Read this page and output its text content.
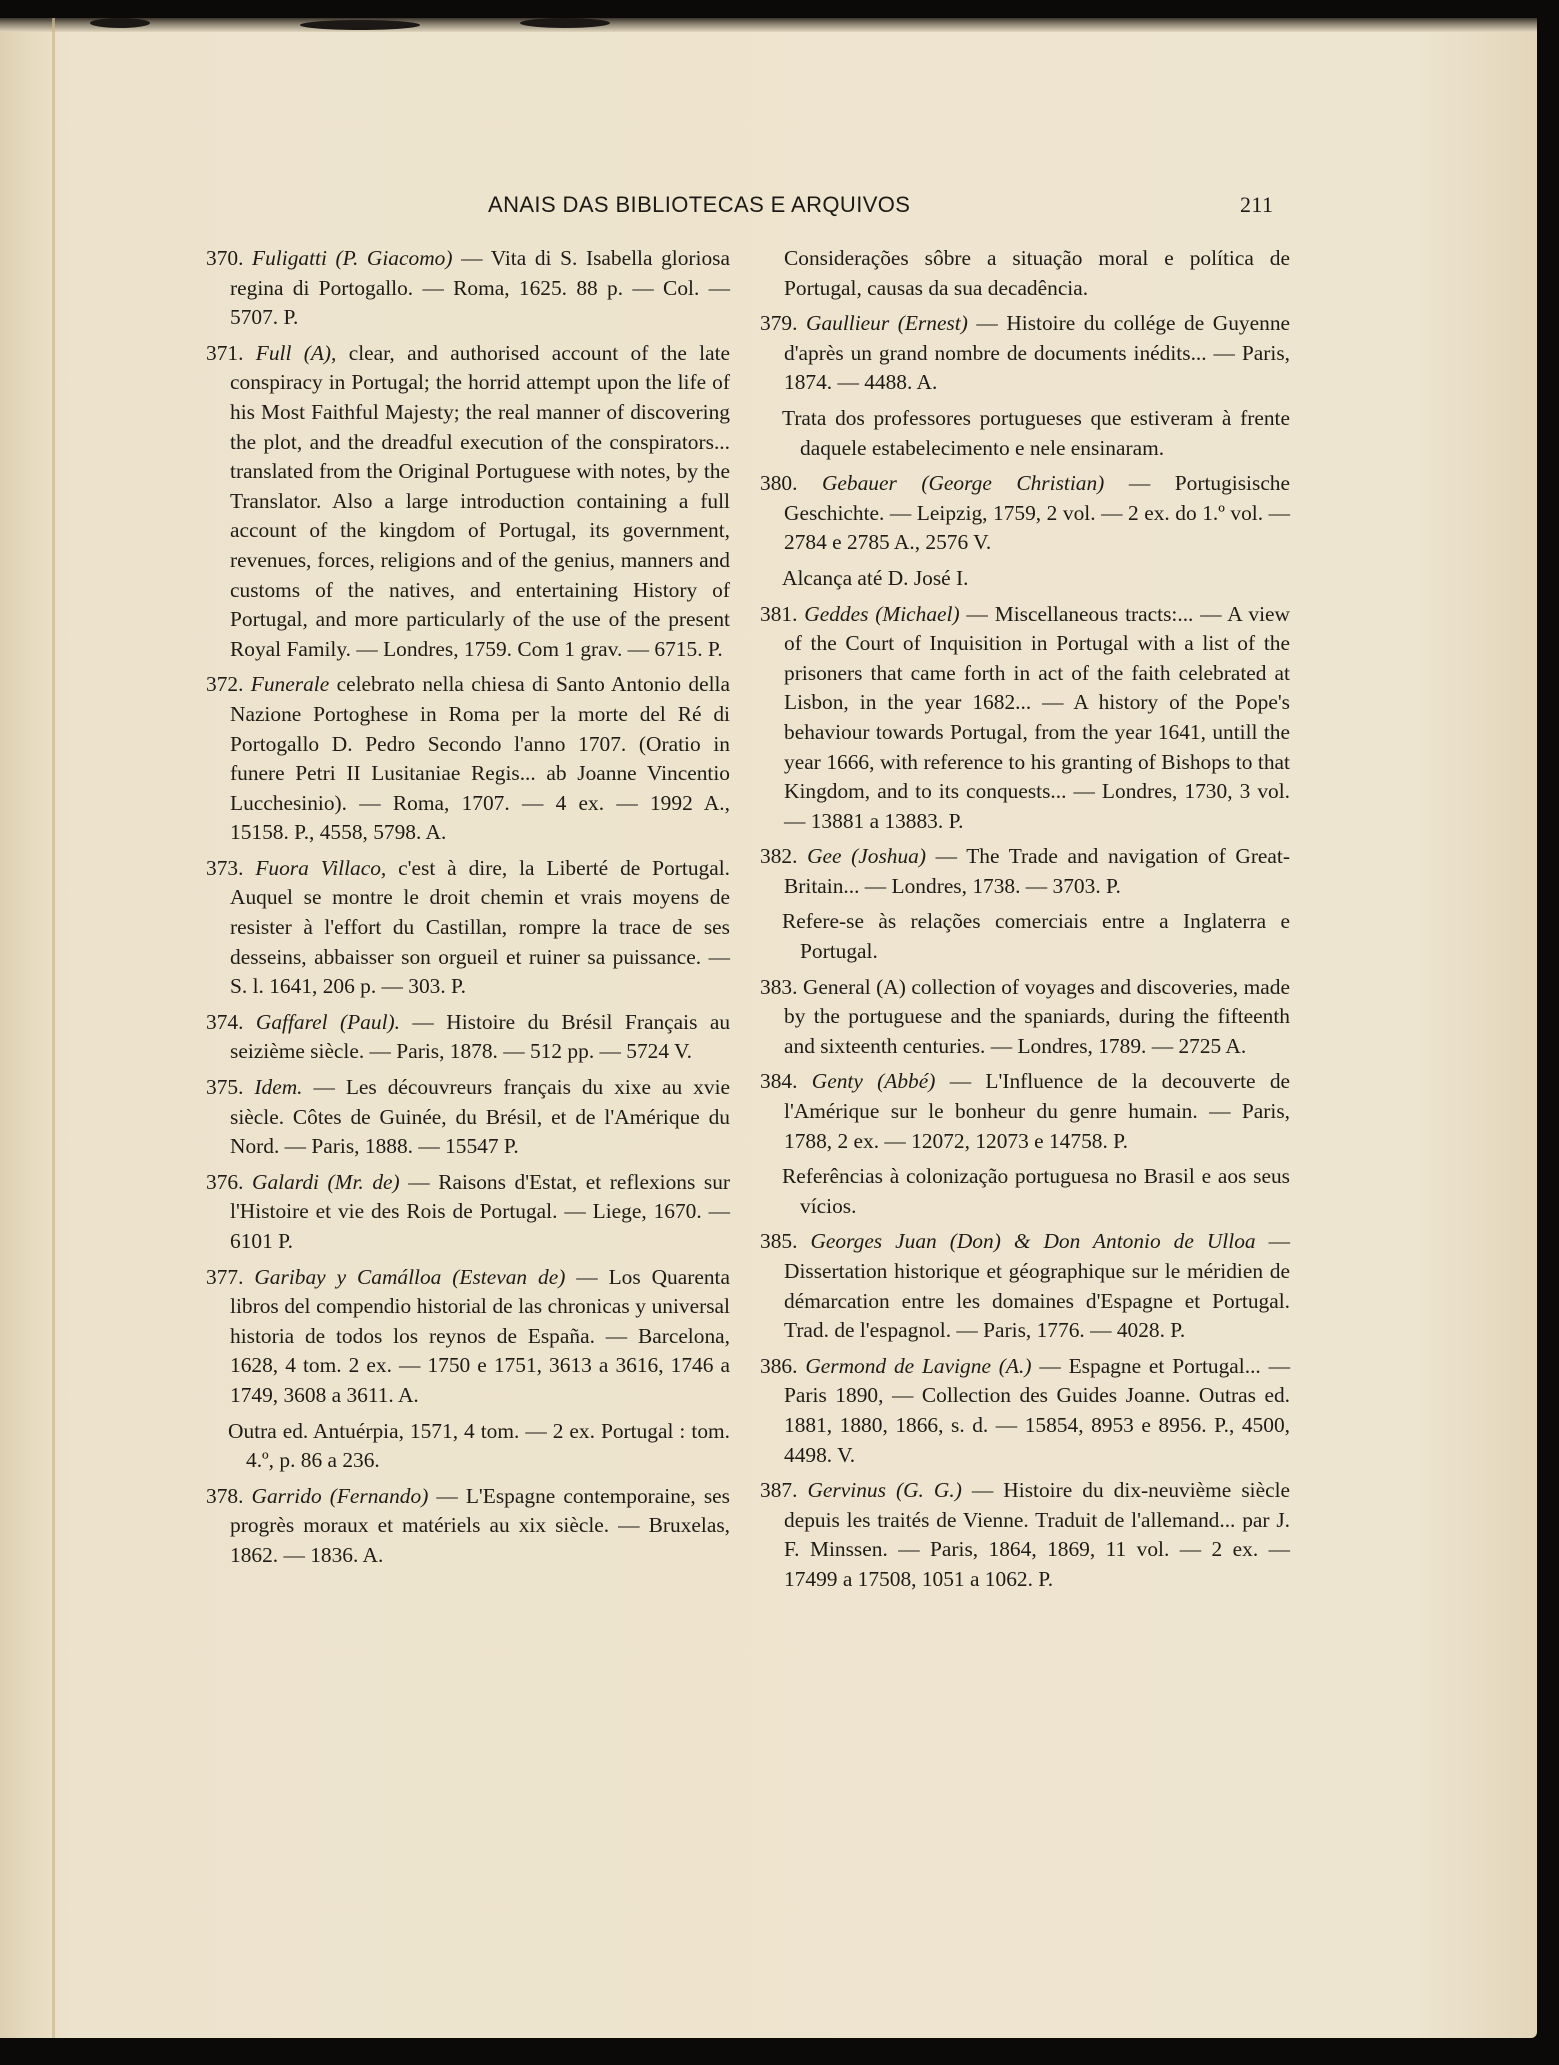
ANAIS DAS BIBLIOTECAS E ARQUIVOS	211
370. Fuligatti (P. Giacomo) — Vita di S. Isabella gloriosa regina di Portogallo. — Roma, 1625. 88 p. — Col. — 5707. P.
371. Full (A), clear, and authorised account of the late conspiracy in Portugal; the horrid attempt upon the life of his Most Faithful Majesty; the real manner of discovering the plot, and the dreadful execution of the conspirators... translated from the Original Portuguese with notes, by the Translator. Also a large introduction containing a full account of the kingdom of Portugal, its government, revenues, forces, religions and of the genius, manners and customs of the natives, and entertaining History of Portugal, and more particularly of the use of the present Royal Family. — Londres, 1759. Com 1 grav. — 6715. P.
372. Funerale celebrato nella chiesa di Santo Antonio della Nazione Portoghese in Roma per la morte del Ré di Portogallo D. Pedro Secondo l'anno 1707. (Oratio in funere Petri II Lusitaniae Regis... ab Joanne Vincentio Lucchesinio). — Roma, 1707. — 4 ex. — 1992 A., 15158. P., 4558, 5798. A.
373. Fuora Villaco, c'est à dire, la Liberté de Portugal. Auquel se montre le droit chemin et vrais moyens de resister à l'effort du Castillan, rompre la trace de ses desseins, abbaisser son orgueil et ruiner sa puissance. — S. l. 1641, 206 p. — 303. P.
374. Gaffarel (Paul). — Histoire du Brésil Français au seizième siècle. — Paris, 1878. — 512 pp. — 5724 V.
375. Idem. — Les découvreurs français du xixe au xvie siècle. Côtes de Guinée, du Brésil, et de l'Amérique du Nord. — Paris, 1888. — 15547 P.
376. Galardi (Mr. de) — Raisons d'Estat, et reflexions sur l'Histoire et vie des Rois de Portugal. — Liege, 1670. — 6101 P.
377. Garibay y Camálloa (Estevan de) — Los Quarenta libros del compendio historial de las chronicas y universal historia de todos los reynos de España. — Barcelona, 1628, 4 tom. 2 ex. — 1750 e 1751, 3613 a 3616, 1746 a 1749, 3608 a 3611. A.
Outra ed. Antuérpia, 1571, 4 tom. — 2 ex. Portugal : tom. 4.º, p. 86 a 236.
378. Garrido (Fernando) — L'Espagne contemporaine, ses progrès moraux et matériels au xix siècle. — Bruxelas, 1862. — 1836. A.
Considerações sôbre a situação moral e política de Portugal, causas da sua decadência.
379. Gaullieur (Ernest) — Histoire du collége de Guyenne d'après un grand nombre de documents inédits... — Paris, 1874. — 4488. A.
Trata dos professores portugueses que estiveram à frente daquele estabelecimento e nele ensinaram.
380. Gebauer (George Christian) — Portugisische Geschichte. — Leipzig, 1759, 2 vol. — 2 ex. do 1.º vol. — 2784 e 2785 A., 2576 V.
Alcança até D. José I.
381. Geddes (Michael) — Miscellaneous tracts:... — A view of the Court of Inquisition in Portugal with a list of the prisoners that came forth in act of the faith celebrated at Lisbon, in the year 1682... — A history of the Pope's behaviour towards Portugal, from the year 1641, untill the year 1666, with reference to his granting of Bishops to that Kingdom, and to its conquests... — Londres, 1730, 3 vol. — 13881 a 13883. P.
382. Gee (Joshua) — The Trade and navigation of Great-Britain... — Londres, 1738. — 3703. P.
Refere-se às relações comerciais entre a Inglaterra e Portugal.
383. General (A) collection of voyages and discoveries, made by the portuguese and the spaniards, during the fifteenth and sixteenth centuries. — Londres, 1789. — 2725 A.
384. Genty (Abbé) — L'Influence de la decouverte de l'Amérique sur le bonheur du genre humain. — Paris, 1788, 2 ex. — 12072, 12073 e 14758. P.
Referências à colonização portuguesa no Brasil e aos seus vícios.
385. Georges Juan (Don) & Don Antonio de Ulloa — Dissertation historique et géographique sur le méridien de démarcation entre les domaines d'Espagne et Portugal. Trad. de l'espagnol. — Paris, 1776. — 4028. P.
386. Germond de Lavigne (A.) — Espagne et Portugal... — Paris 1890, — Collection des Guides Joanne. Outras ed. 1881, 1880, 1866, s. d. — 15854, 8953 e 8956. P., 4500, 4498. V.
387. Gervinus (G. G.) — Histoire du dix-neuvième siècle depuis les traités de Vienne. Traduit de l'allemand... par J. F. Minssen. — Paris, 1864, 1869, 11 vol. — 2 ex. — 17499 a 17508, 1051 a 1062. P.
